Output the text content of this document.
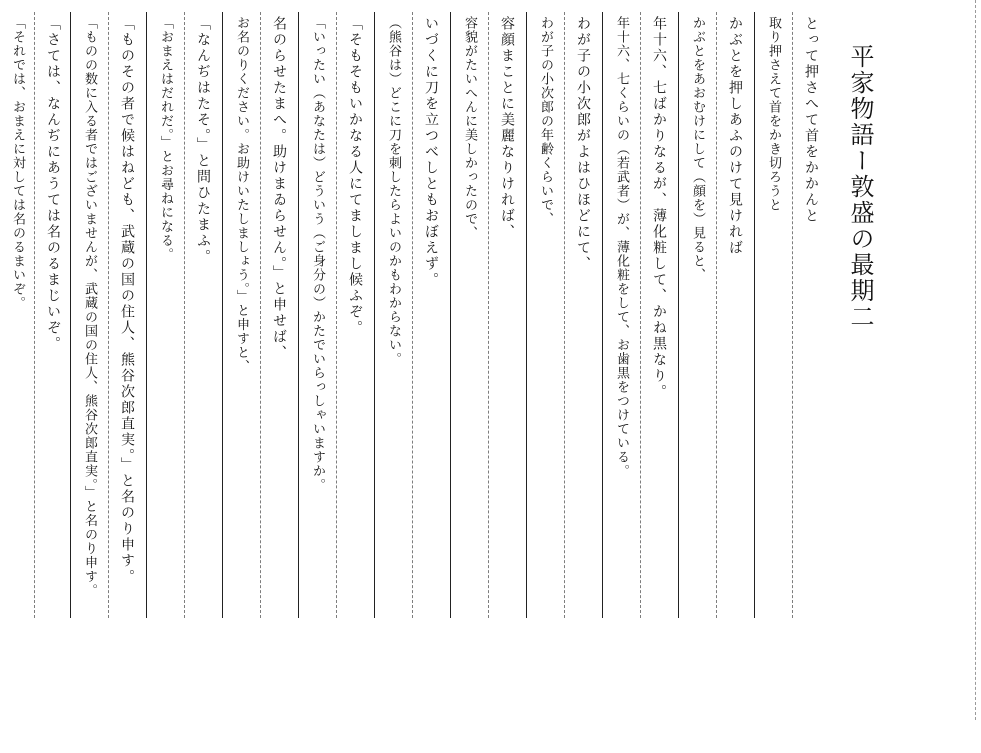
平家物語ー敦盛の最期二
とって押さへて首をかかんと
取り押さえて首をかき切ろうと
かぶとを押しあふのけて見ければ
かぶとをあおむけにして（顔を）見ると、
年十六、七ばかりなるが、薄化粧して、かね黒なり。
年十六、七くらいの（若武者）が、薄化粧をして、お歯黒をつけている。
わが子の小次郎がよはひほどにて、
わが子の小次郎の年齢くらいで、
容顔まことに美麗なりければ、
容貌がたいへんに美しかったので、
いづくに刀を立つべしともおぼえず。
（熊谷は）どこに刀を刺したらよいのかもわからない。
「そもそもいかなる人にてましまし候ふぞ。
「いったい（あなたは）どういう（ご身分の）かたでいらっしゃいますか。
名のらせたまへ。助けまゐらせん。」と申せば、
お名のりください。お助けいたしましょう。」と申すと、
「なんぢはたそ。」と問ひたまふ。
「おまえはだれだ。」とお尋ねになる。
「ものその者で候はねども、武蔵の国の住人、熊谷次郎直実。」と名のり申す。
「ものの数に入る者ではございませんが、武蔵の国の住人、熊谷次郎直実。」と名のり申す。
「さては、なんぢにあうては名のるまじいぞ。
「それでは、おまえに対しては名のるまいぞ。
